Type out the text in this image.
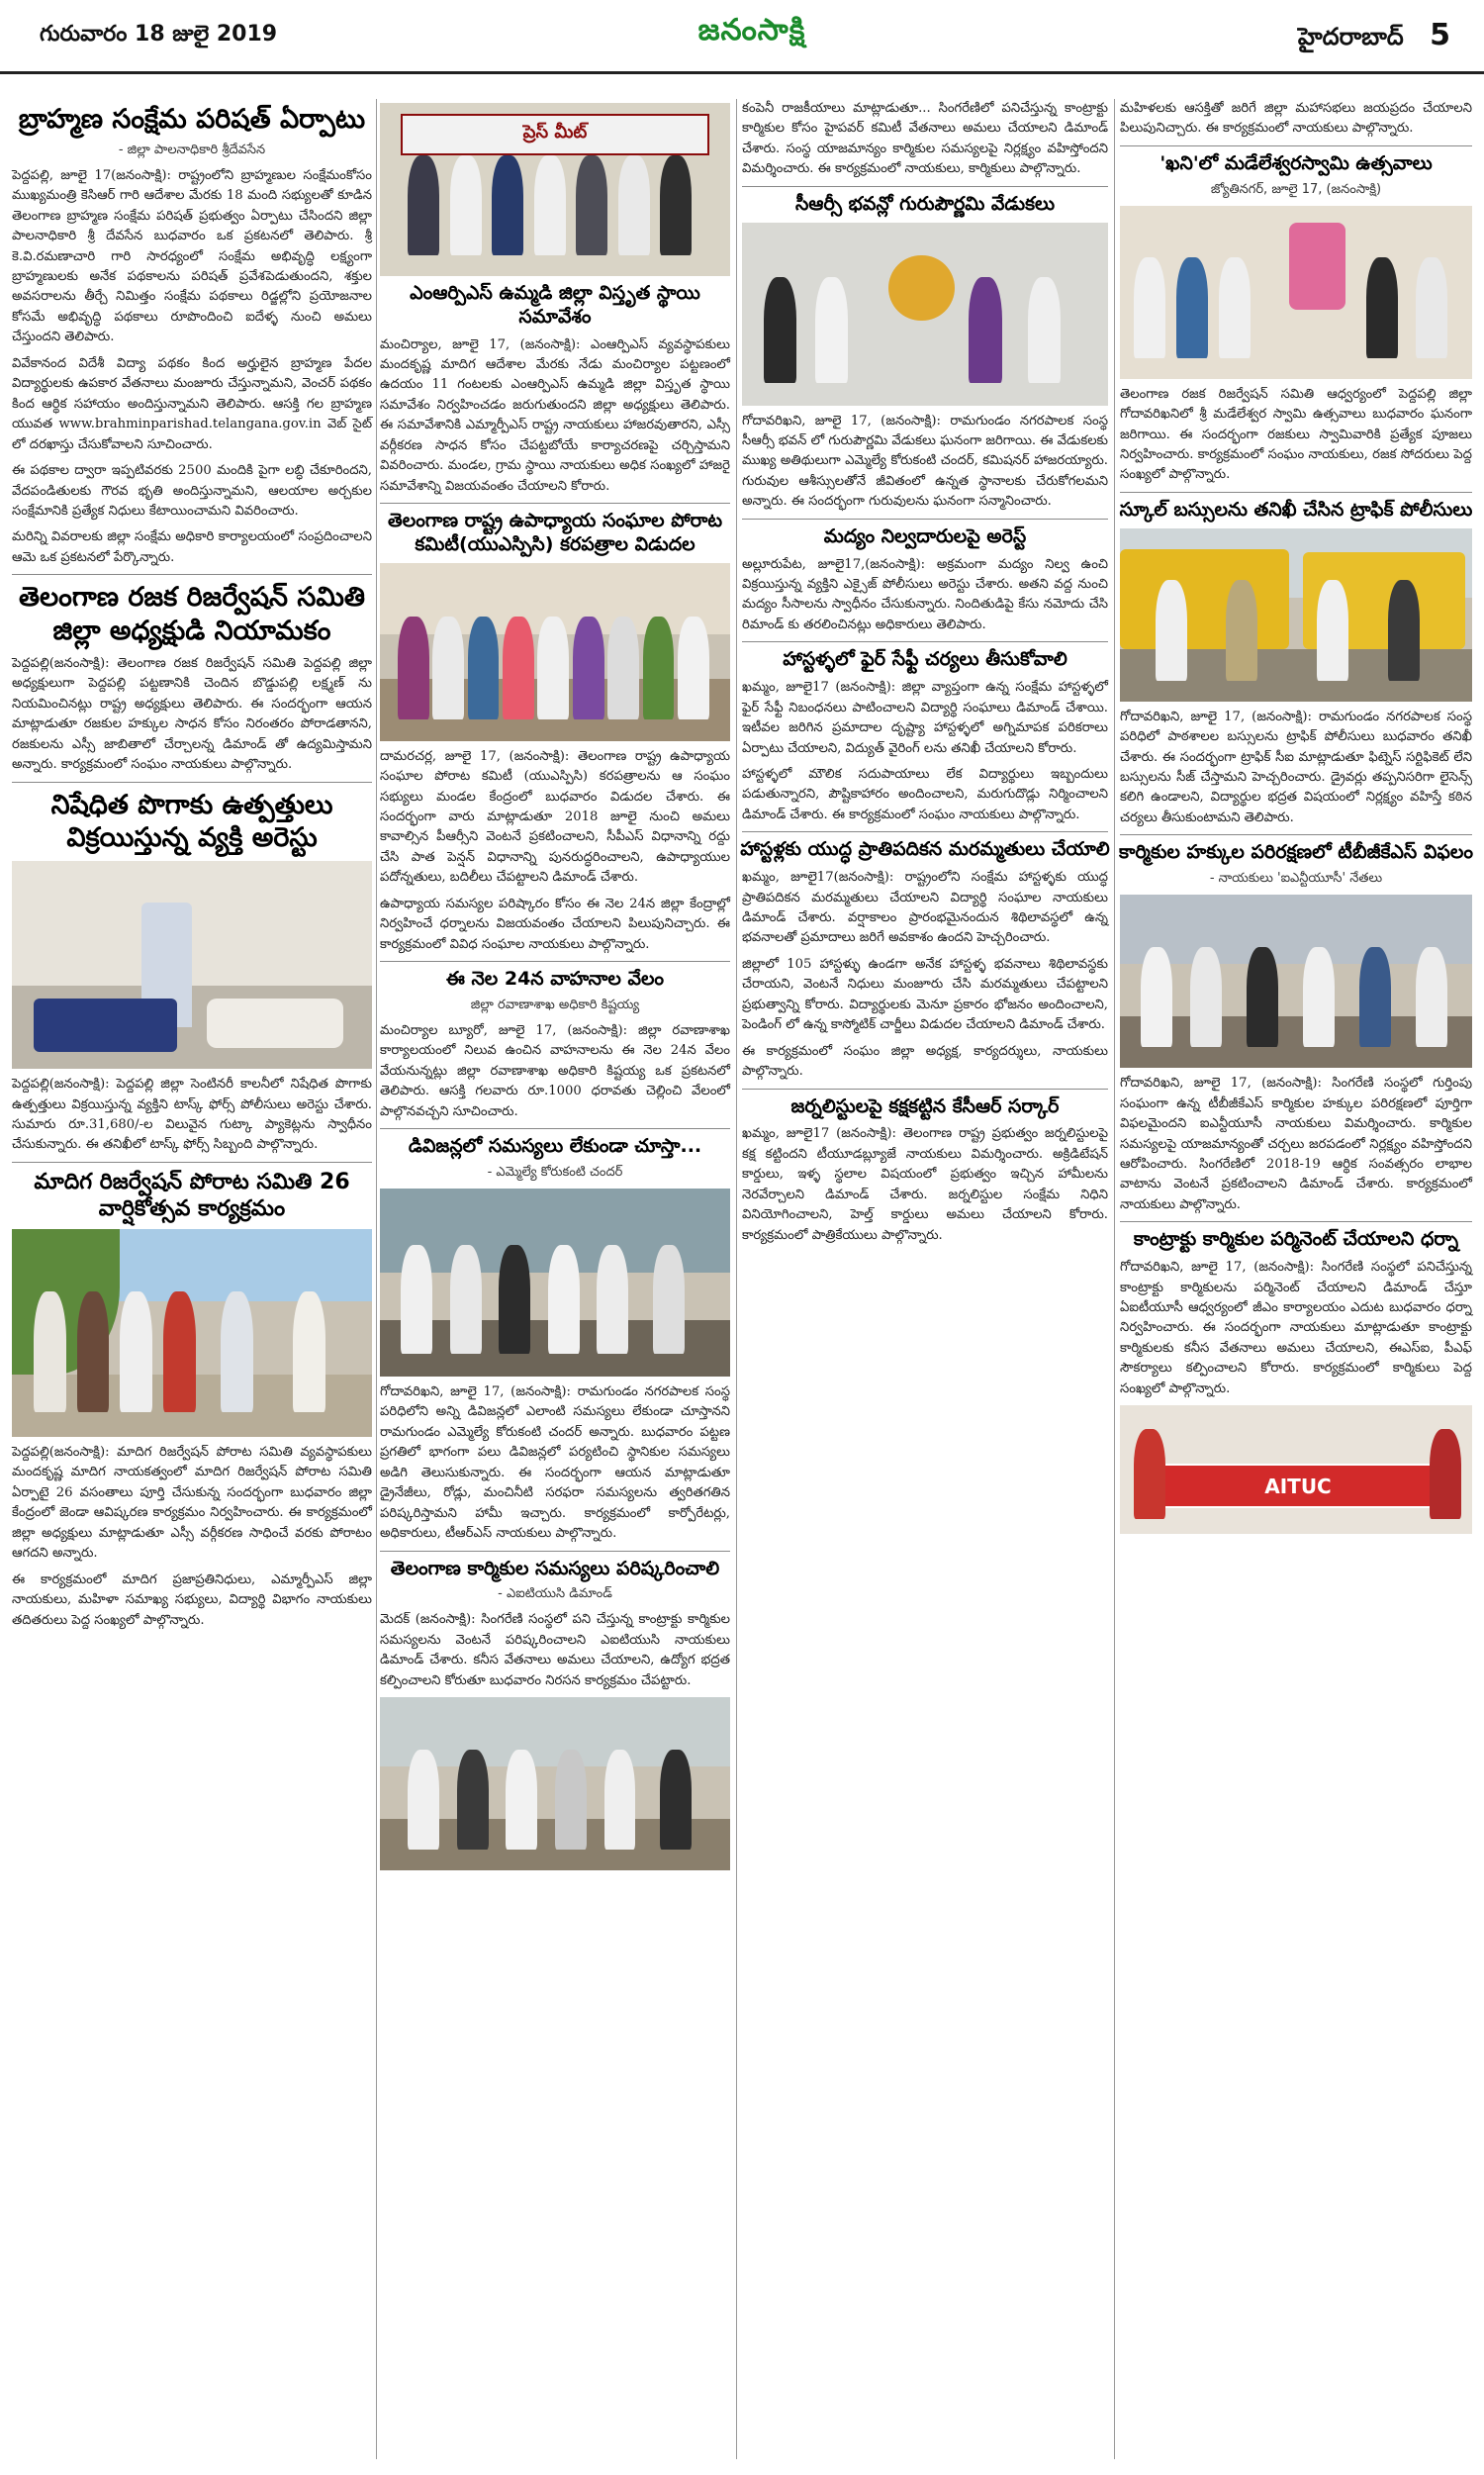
గురువారం 18 జులై 2019	జనంసాక్షి	హైదరాబాద్ 5
బ్రాహ్మణ సంక్షేమ పరిషత్ ఏర్పాటు
- జిల్లా పాలనాధికారి శ్రీదేవసేన

పెద్దపల్లి, జూలై 17(జనంసాక్షి): రాష్ట్రంలోని బ్రాహ్మణుల సంక్షేమంకోసం ముఖ్యమంత్రి కెసిఆర్ గారి ఆదేశాల మేరకు 18 మంది సభ్యులతో కూడిన తెలంగాణ బ్రాహ్మణ సంక్షేమ పరిషత్ ప్రభుత్వం ఏర్పాటు చేసిందని జిల్లా పాలనాధికారి శ్రీ దేవసేన బుధవారం ఒక ప్రకటనలో తెలిపారు. శ్రీ కె.వి.రమణాచారి గారి సారధ్యంలో సంక్షేమ అభివృద్ధి లక్ష్యంగా బ్రాహ్మణులకు అనేక పథకాలను పరిషత్ ప్రవేశపెడుతుందని, శక్తుల అవసరాలను తీర్చే నిమిత్తం సంక్షేమ పథకాలు రిడ్జల్లోని ప్రయోజనాల కోసమే అభివృద్ధి పథకాలు రూపొందించి ఐదేళ్ళ నుంచి అమలు చేస్తుందని తెలిపారు.

వివేకానంద విదేశీ విద్యా పథకం కింద అర్హులైన బ్రాహ్మణ పేదల విద్యార్థులకు ఉపకార వేతనాలు మంజూరు చేస్తున్నామని, వెంచర్ పథకం కింద ఆర్థిక సహాయం అందిస్తున్నామని తెలిపారు. ఆసక్తి గల బ్రాహ్మణ యువత www.brahminparishad.telangana.gov.in వెబ్ సైట్ లో దరఖాస్తు చేసుకోవాలని సూచించారు.

ఈ పథకాల ద్వారా ఇప్పటివరకు 2500 మందికి పైగా లబ్ధి చేకూరిందని, వేదపండితులకు గౌరవ భృతి అందిస్తున్నామని, ఆలయాల అర్చకుల సంక్షేమానికి ప్రత్యేక నిధులు కేటాయించామని వివరించారు.

మరిన్ని వివరాలకు జిల్లా సంక్షేమ అధికారి కార్యాలయంలో సంప్రదించాలని ఆమె ఒక ప్రకటనలో పేర్కొన్నారు.

తెలంగాణ రజక రిజర్వేషన్ సమితి జిల్లా అధ్యక్షుడి నియామకం

పెద్దపల్లి(జనంసాక్షి): తెలంగాణ రజక రిజర్వేషన్ సమితి పెద్దపల్లి జిల్లా అధ్యక్షులుగా పెద్దపల్లి పట్టణానికి చెందిన బొడ్డుపల్లి లక్ష్మణ్ ను నియమించినట్లు రాష్ట్ర అధ్యక్షులు తెలిపారు. ఈ సందర్భంగా ఆయన మాట్లాడుతూ రజకుల హక్కుల సాధన కోసం నిరంతరం పోరాడతానని, రజకులను ఎస్సీ జాబితాలో చేర్చాలన్న డిమాండ్ తో ఉద్యమిస్తామని అన్నారు. కార్యక్రమంలో సంఘం నాయకులు పాల్గొన్నారు.

నిషేధిత పొగాకు ఉత్పత్తులు విక్రయిస్తున్న వ్యక్తి అరెస్టు

పెద్దపల్లి(జనంసాక్షి): పెద్దపల్లి జిల్లా సెంటినరీ కాలనీలో నిషేధిత పొగాకు ఉత్పత్తులు విక్రయిస్తున్న వ్యక్తిని టాస్క్ ఫోర్స్ పోలీసులు అరెస్టు చేశారు. సుమారు రూ.31,680/-ల విలువైన గుట్కా ప్యాకెట్లను స్వాధీనం చేసుకున్నారు. ఈ తనిఖీలో టాస్క్ ఫోర్స్ సిబ్బంది పాల్గొన్నారు.

మాదిగ రిజర్వేషన్ పోరాట సమితి 26 వార్షికోత్సవ కార్యక్రమం

పెద్దపల్లి(జనంసాక్షి): మాదిగ రిజర్వేషన్ పోరాట సమితి వ్యవస్థాపకులు మందకృష్ణ మాదిగ నాయకత్వంలో మాదిగ రిజర్వేషన్ పోరాట సమితి ఏర్పాటై 26 వసంతాలు పూర్తి చేసుకున్న సందర్భంగా బుధవారం జిల్లా కేంద్రంలో జెండా ఆవిష్కరణ కార్యక్రమం నిర్వహించారు. ఈ కార్యక్రమంలో జిల్లా అధ్యక్షులు మాట్లాడుతూ ఎస్సీ వర్గీకరణ సాధించే వరకు పోరాటం ఆగదని అన్నారు.

ఈ కార్యక్రమంలో మాదిగ ప్రజాప్రతినిధులు, ఎమ్మార్పీఎస్ జిల్లా నాయకులు, మహిళా సమాఖ్య సభ్యులు, విద్యార్థి విభాగం నాయకులు తదితరులు పెద్ద సంఖ్యలో పాల్గొన్నారు.

ప్రెస్ మీట్
ఎంఆర్పిఎస్ ఉమ్మడి జిల్లా విస్తృత స్థాయి సమావేశం

మంచిర్యాల, జూలై 17, (జనంసాక్షి): ఎంఆర్పిఎస్ వ్యవస్థాపకులు మందకృష్ణ మాదిగ ఆదేశాల మేరకు నేడు మంచిర్యాల పట్టణంలో ఉదయం 11 గంటలకు ఎంఆర్పిఎస్ ఉమ్మడి జిల్లా విస్తృత స్థాయి సమావేశం నిర్వహించడం జరుగుతుందని జిల్లా అధ్యక్షులు తెలిపారు. ఈ సమావేశానికి ఎమ్మార్పీఎస్ రాష్ట్ర నాయకులు హాజరవుతారని, ఎస్సీ వర్గీకరణ సాధన కోసం చేపట్టబోయే కార్యాచరణపై చర్చిస్తామని వివరించారు. మండల, గ్రామ స్థాయి నాయకులు అధిక సంఖ్యలో హాజరై సమావేశాన్ని విజయవంతం చేయాలని కోరారు.

తెలంగాణ రాష్ట్ర ఉపాధ్యాయ సంఘాల పోరాట కమిటీ(యుఎస్పిసి) కరపత్రాల విడుదల

దామరచర్ల, జూలై 17, (జనంసాక్షి): తెలంగాణ రాష్ట్ర ఉపాధ్యాయ సంఘాల పోరాట కమిటీ (యుఎస్పిసి) కరపత్రాలను ఆ సంఘం సభ్యులు మండల కేంద్రంలో బుధవారం విడుదల చేశారు. ఈ సందర్భంగా వారు మాట్లాడుతూ 2018 జూలై నుంచి అమలు కావాల్సిన పీఆర్సీని వెంటనే ప్రకటించాలని, సీపీఎస్ విధానాన్ని రద్దు చేసి పాత పెన్షన్ విధానాన్ని పునరుద్ధరించాలని, ఉపాధ్యాయుల పదోన్నతులు, బదిలీలు చేపట్టాలని డిమాండ్ చేశారు.

ఉపాధ్యాయ సమస్యల పరిష్కారం కోసం ఈ నెల 24న జిల్లా కేంద్రాల్లో నిర్వహించే ధర్నాలను విజయవంతం చేయాలని పిలుపునిచ్చారు. ఈ కార్యక్రమంలో వివిధ సంఘాల నాయకులు పాల్గొన్నారు.

ఈ నెల 24న వాహనాల వేలం
జిల్లా రవాణాశాఖ అధికారి కిష్టయ్య

మంచిర్యాల బ్యూరో, జూలై 17, (జనంసాక్షి): జిల్లా రవాణాశాఖ కార్యాలయంలో నిలువ ఉంచిన వాహనాలను ఈ నెల 24న వేలం వేయనున్నట్లు జిల్లా రవాణాశాఖ అధికారి కిష్టయ్య ఒక ప్రకటనలో తెలిపారు. ఆసక్తి గలవారు రూ.1000 ధరావతు చెల్లించి వేలంలో పాల్గొనవచ్చని సూచించారు.

డివిజన్లలో సమస్యలు లేకుండా చూస్తా...
- ఎమ్మెల్యే కోరుకంటి చందర్

గోదావరిఖని, జూలై 17, (జనంసాక్షి): రామగుండం నగరపాలక సంస్థ పరిధిలోని అన్ని డివిజన్లలో ఎలాంటి సమస్యలు లేకుండా చూస్తానని రామగుండం ఎమ్మెల్యే కోరుకంటి చందర్ అన్నారు. బుధవారం పట్టణ ప్రగతిలో భాగంగా పలు డివిజన్లలో పర్యటించి స్థానికుల సమస్యలు అడిగి తెలుసుకున్నారు. ఈ సందర్భంగా ఆయన మాట్లాడుతూ డ్రైనేజీలు, రోడ్లు, మంచినీటి సరఫరా సమస్యలను త్వరితగతిన పరిష్కరిస్తామని హామీ ఇచ్చారు. కార్యక్రమంలో కార్పోరేటర్లు, అధికారులు, టీఆర్ఎస్ నాయకులు పాల్గొన్నారు.

తెలంగాణ కార్మికుల సమస్యలు పరిష్కరించాలి
- ఎఐటియుసి డిమాండ్

మెదక్ (జనంసాక్షి): సింగరేణి సంస్థలో పని చేస్తున్న కాంట్రాక్టు కార్మికుల సమస్యలను వెంటనే పరిష్కరించాలని ఎఐటియుసి నాయకులు డిమాండ్ చేశారు. కనీస వేతనాలు అమలు చేయాలని, ఉద్యోగ భద్రత కల్పించాలని కోరుతూ బుధవారం నిరసన కార్యక్రమం చేపట్టారు.

కంపెనీ రాజకీయాలు మాట్లాడుతూ... సింగరేణిలో పనిచేస్తున్న కాంట్రాక్టు కార్మికుల కోసం హైపవర్ కమిటీ వేతనాలు అమలు చేయాలని డిమాండ్ చేశారు. సంస్థ యాజమాన్యం కార్మికుల సమస్యలపై నిర్లక్ష్యం వహిస్తోందని విమర్శించారు. ఈ కార్యక్రమంలో నాయకులు, కార్మికులు పాల్గొన్నారు.

సీఆర్సీ భవన్లో గురుపౌర్ణమి వేడుకలు

గోదావరిఖని, జూలై 17, (జనంసాక్షి): రామగుండం నగరపాలక సంస్థ సీఆర్సీ భవన్ లో గురుపౌర్ణమి వేడుకలు ఘనంగా జరిగాయి. ఈ వేడుకలకు ముఖ్య అతిథులుగా ఎమ్మెల్యే కోరుకంటి చందర్, కమిషనర్ హాజరయ్యారు. గురువుల ఆశీస్సులతోనే జీవితంలో ఉన్నత స్థానాలకు చేరుకోగలమని అన్నారు. ఈ సందర్భంగా గురువులను ఘనంగా సన్మానించారు.

మద్యం నిల్వదారులపై అరెస్ట్

అల్లూరుపేట, జూలై17,(జనంసాక్షి): అక్రమంగా మద్యం నిల్వ ఉంచి విక్రయిస్తున్న వ్యక్తిని ఎక్సైజ్ పోలీసులు అరెస్టు చేశారు. అతని వద్ద నుంచి మద్యం సీసాలను స్వాధీనం చేసుకున్నారు. నిందితుడిపై కేసు నమోదు చేసి రిమాండ్ కు తరలించినట్లు అధికారులు తెలిపారు.

హాస్టళ్ళలో ఫైర్ సేఫ్టీ చర్యలు తీసుకోవాలి

ఖమ్మం, జూలై17 (జనంసాక్షి): జిల్లా వ్యాప్తంగా ఉన్న సంక్షేమ హాస్టళ్ళలో ఫైర్ సేఫ్టీ నిబంధనలు పాటించాలని విద్యార్థి సంఘాలు డిమాండ్ చేశాయి. ఇటీవల జరిగిన ప్రమాదాల దృష్ట్యా హాస్టళ్ళలో అగ్నిమాపక పరికరాలు ఏర్పాటు చేయాలని, విద్యుత్ వైరింగ్ లను తనిఖీ చేయాలని కోరారు.

హాస్టళ్ళలో మౌలిక సదుపాయాలు లేక విద్యార్థులు ఇబ్బందులు పడుతున్నారని, పౌష్టికాహారం అందించాలని, మరుగుదొడ్లు నిర్మించాలని డిమాండ్ చేశారు. ఈ కార్యక్రమంలో సంఘం నాయకులు పాల్గొన్నారు.

హాస్టళ్లకు యుద్ధ ప్రాతిపదికన మరమ్మతులు చేయాలి

ఖమ్మం, జూలై17(జనంసాక్షి): రాష్ట్రంలోని సంక్షేమ హాస్టళ్ళకు యుద్ధ ప్రాతిపదికన మరమ్మతులు చేయాలని విద్యార్థి సంఘాల నాయకులు డిమాండ్ చేశారు. వర్షాకాలం ప్రారంభమైనందున శిథిలావస్థలో ఉన్న భవనాలతో ప్రమాదాలు జరిగే అవకాశం ఉందని హెచ్చరించారు.

జిల్లాలో 105 హాస్టళ్ళు ఉండగా అనేక హాస్టళ్ళ భవనాలు శిథిలావస్థకు చేరాయని, వెంటనే నిధులు మంజూరు చేసి మరమ్మతులు చేపట్టాలని ప్రభుత్వాన్ని కోరారు. విద్యార్థులకు మెనూ ప్రకారం భోజనం అందించాలని, పెండింగ్ లో ఉన్న కాస్మోటిక్ చార్జీలు విడుదల చేయాలని డిమాండ్ చేశారు.

ఈ కార్యక్రమంలో సంఘం జిల్లా అధ్యక్ష, కార్యదర్శులు, నాయకులు పాల్గొన్నారు.

జర్నలిస్టులపై కక్షకట్టిన కేసీఆర్ సర్కార్

ఖమ్మం, జూలై17 (జనంసాక్షి): తెలంగాణ రాష్ట్ర ప్రభుత్వం జర్నలిస్టులపై కక్ష కట్టిందని టీయూడబ్ల్యూజే నాయకులు విమర్శించారు. అక్రిడిటేషన్ కార్డులు, ఇళ్ళ స్థలాల విషయంలో ప్రభుత్వం ఇచ్చిన హామీలను నెరవేర్చాలని డిమాండ్ చేశారు. జర్నలిస్టుల సంక్షేమ నిధిని వినియోగించాలని, హెల్త్ కార్డులు అమలు చేయాలని కోరారు. కార్యక్రమంలో పాత్రికేయులు పాల్గొన్నారు.

మహిళలకు ఆసక్తితో జరిగే జిల్లా మహాసభలు జయప్రదం చేయాలని పిలుపునిచ్చారు. ఈ కార్యక్రమంలో నాయకులు పాల్గొన్నారు.

'ఖని'లో మడేలేశ్వరస్వామి ఉత్సవాలు
జ్యోతినగర్, జూలై 17, (జనంసాక్షి)

తెలంగాణ రజక రిజర్వేషన్ సమితి ఆధ్వర్యంలో పెద్దపల్లి జిల్లా గోదావరిఖనిలో శ్రీ మడేలేశ్వర స్వామి ఉత్సవాలు బుధవారం ఘనంగా జరిగాయి. ఈ సందర్భంగా రజకులు స్వామివారికి ప్రత్యేక పూజలు నిర్వహించారు. కార్యక్రమంలో సంఘం నాయకులు, రజక సోదరులు పెద్ద సంఖ్యలో పాల్గొన్నారు.

స్కూల్ బస్సులను తనిఖీ చేసిన ట్రాఫిక్ పోలీసులు

గోదావరిఖని, జూలై 17, (జనంసాక్షి): రామగుండం నగరపాలక సంస్థ పరిధిలో పాఠశాలల బస్సులను ట్రాఫిక్ పోలీసులు బుధవారం తనిఖీ చేశారు. ఈ సందర్భంగా ట్రాఫిక్ సీఐ మాట్లాడుతూ ఫిట్నెస్ సర్టిఫికెట్ లేని బస్సులను సీజ్ చేస్తామని హెచ్చరించారు. డ్రైవర్లు తప్పనిసరిగా లైసెన్స్ కలిగి ఉండాలని, విద్యార్థుల భద్రత విషయంలో నిర్లక్ష్యం వహిస్తే కఠిన చర్యలు తీసుకుంటామని తెలిపారు.

కార్మికుల హక్కుల పరిరక్షణలో టీబీజీకేఎస్ విఫలం
- నాయకులు 'ఐఎన్టీయూసీ' నేతలు

గోదావరిఖని, జూలై 17, (జనంసాక్షి): సింగరేణి సంస్థలో గుర్తింపు సంఘంగా ఉన్న టీబీజీకేఎస్ కార్మికుల హక్కుల పరిరక్షణలో పూర్తిగా విఫలమైందని ఐఎన్టీయూసీ నాయకులు విమర్శించారు. కార్మికుల సమస్యలపై యాజమాన్యంతో చర్చలు జరపడంలో నిర్లక్ష్యం వహిస్తోందని ఆరోపించారు. సింగరేణిలో 2018-19 ఆర్థిక సంవత్సరం లాభాల వాటాను వెంటనే ప్రకటించాలని డిమాండ్ చేశారు. కార్యక్రమంలో నాయకులు పాల్గొన్నారు.

కాంట్రాక్టు కార్మికుల పర్మినెంట్ చేయాలని ధర్నా

గోదావరిఖని, జూలై 17, (జనంసాక్షి): సింగరేణి సంస్థలో పనిచేస్తున్న కాంట్రాక్టు కార్మికులను పర్మినెంట్ చేయాలని డిమాండ్ చేస్తూ ఏఐటీయూసీ ఆధ్వర్యంలో జీఎం కార్యాలయం ఎదుట బుధవారం ధర్నా నిర్వహించారు. ఈ సందర్భంగా నాయకులు మాట్లాడుతూ కాంట్రాక్టు కార్మికులకు కనీస వేతనాలు అమలు చేయాలని, ఈఎస్ఐ, పీఎఫ్ సౌకర్యాలు కల్పించాలని కోరారు. కార్యక్రమంలో కార్మికులు పెద్ద సంఖ్యలో పాల్గొన్నారు.

AITUC
